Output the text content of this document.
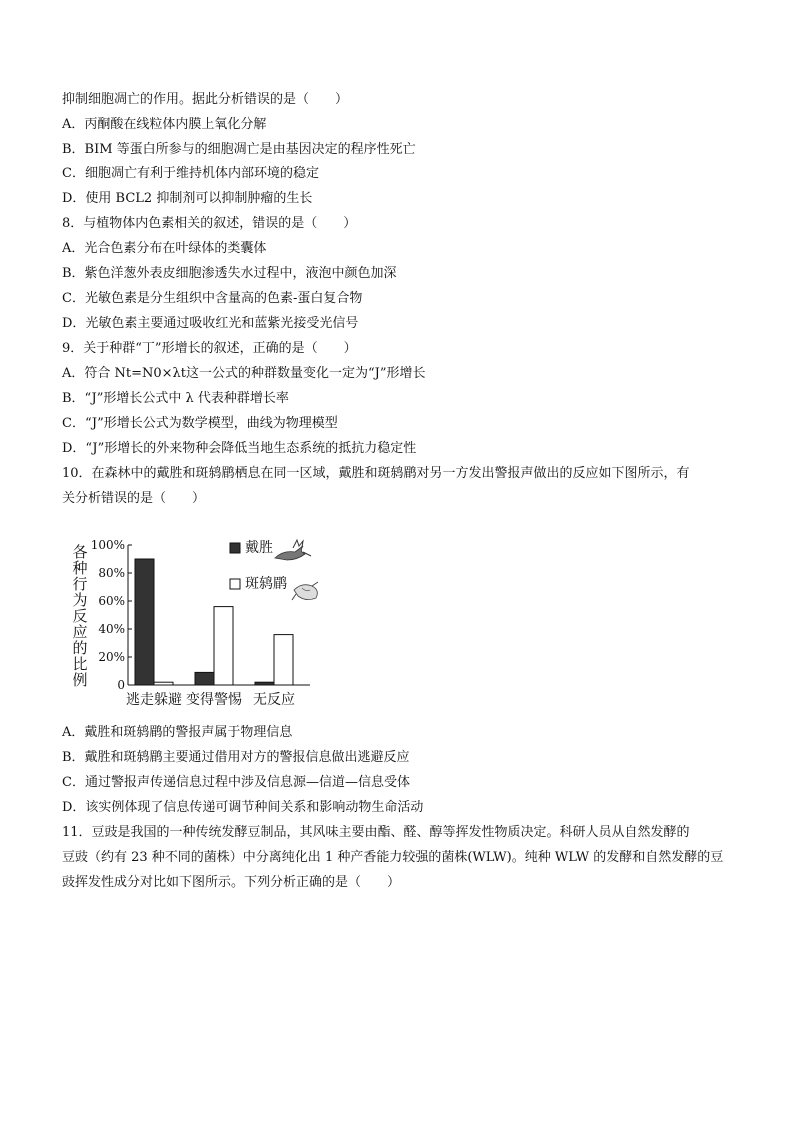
抑制细胞凋亡的作用。据此分析错误的是（　　）
A．丙酮酸在线粒体内膜上氧化分解
B．BIM 等蛋白所参与的细胞凋亡是由基因决定的程序性死亡
C．细胞凋亡有利于维持机体内部环境的稳定
D．使用 BCL2 抑制剂可以抑制肿瘤的生长
8．与植物体内色素相关的叙述，错误的是（　　）
A．光合色素分布在叶绿体的类囊体
B．紫色洋葱外表皮细胞渗透失水过程中，液泡中颜色加深
C．光敏色素是分生组织中含量高的色素-蛋白复合物
D．光敏色素主要通过吸收红光和蓝紫光接受光信号
9．关于种群“丁”形增长的叙述，正确的是（　　）
A．符合 Nt=N0×λt这一公式的种群数量变化一定为“J”形增长
B．“J”形增长公式中 λ 代表种群增长率
C．“J”形增长公式为数学模型，曲线为物理模型
D．“J”形增长的外来物种会降低当地生态系统的抵抗力稳定性
10．在森林中的戴胜和斑鸫鹛栖息在同一区域，戴胜和斑鸫鹛对另一方发出警报声做出的反应如下图所示，有
关分析错误的是（　　）
A．戴胜和斑鸫鹛的警报声属于物理信息
B．戴胜和斑鸫鹛主要通过借用对方的警报信息做出逃避反应
C．通过警报声传递信息过程中涉及信息源—信道—信息受体
D．该实例体现了信息传递可调节种间关系和影响动物生命活动
11．豆豉是我国的一种传统发酵豆制品，其风味主要由酯、醛、醇等挥发性物质决定。科研人员从自然发酵的
豆豉（约有 23 种不同的菌株）中分离纯化出 1 种产香能力较强的菌株(WLW)。纯种 WLW 的发酵和自然发酵的豆
豉挥发性成分对比如下图所示。下列分析正确的是（　　）
各
种
行
为
反
应
的
比
例
100%
80%
60%
40%
20%
0
逃走躲避 变得警惕 无反应
戴胜
斑鸫鹛
